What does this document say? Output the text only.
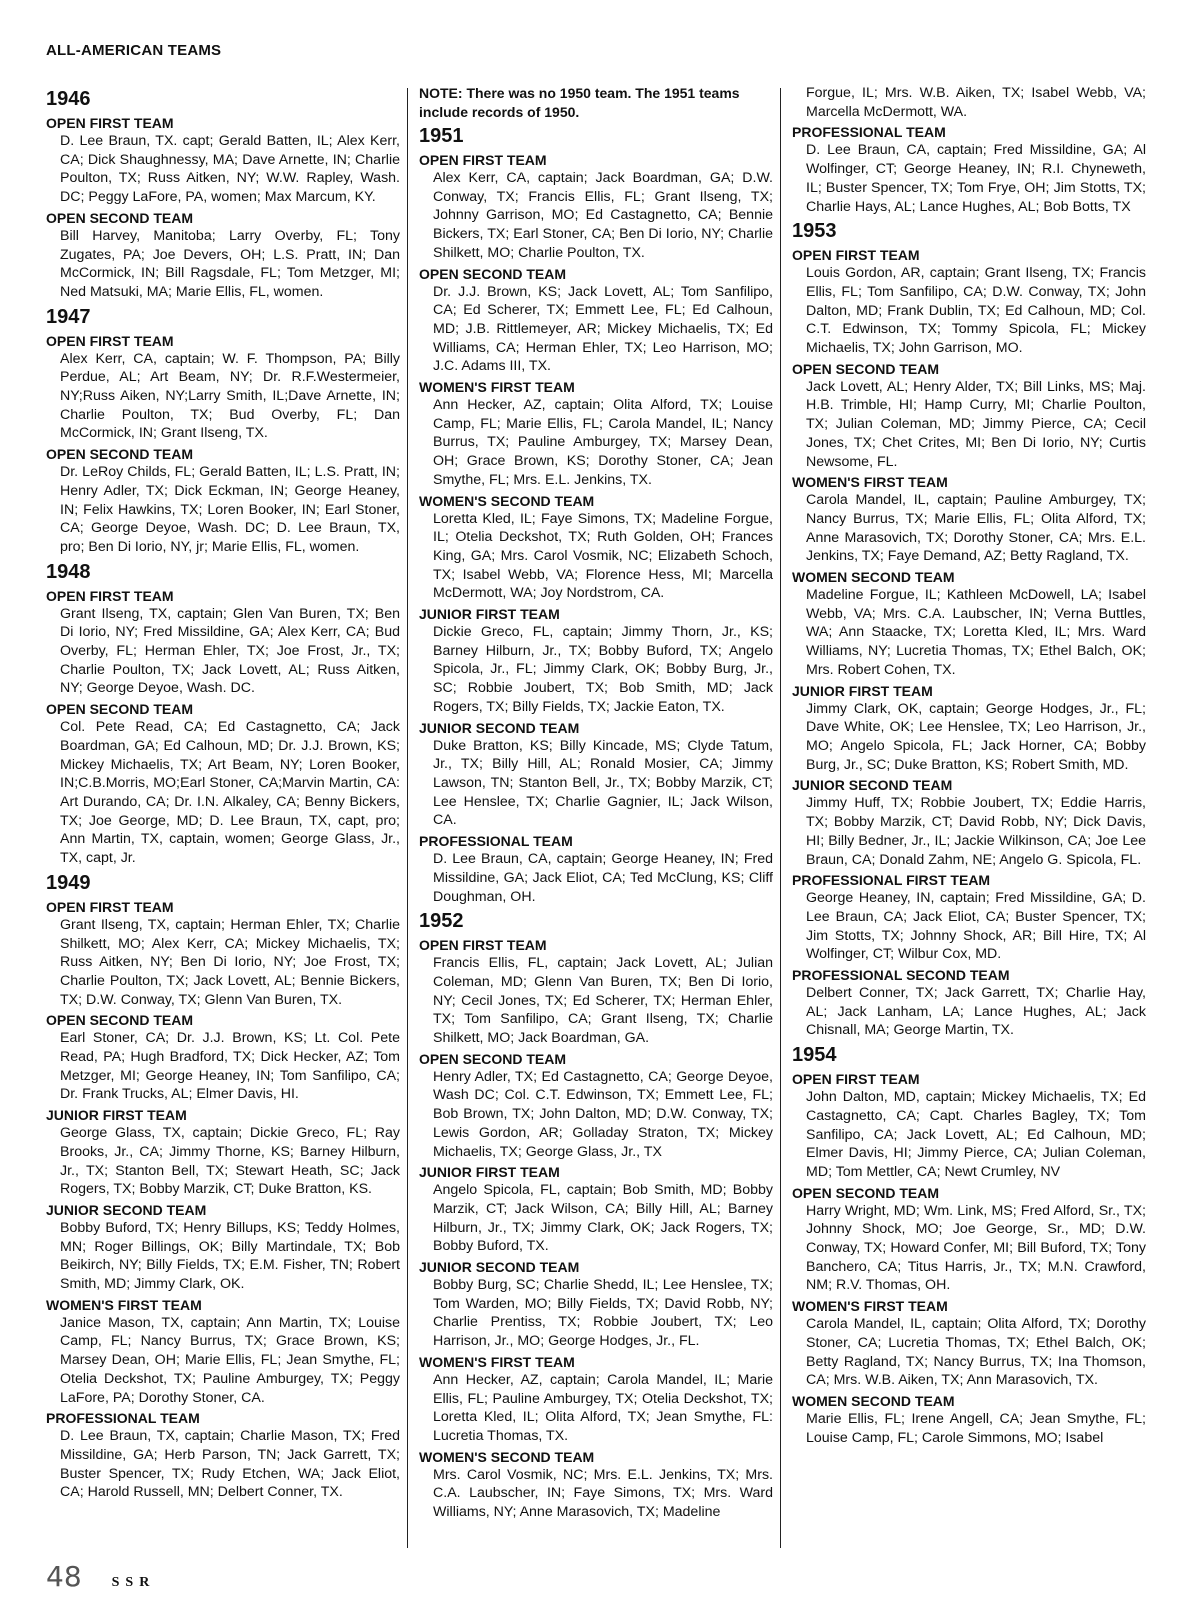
ALL-AMERICAN TEAMS
1946
OPEN FIRST TEAM
D. Lee Braun, TX. capt; Gerald Batten, IL; Alex Kerr, CA; Dick Shaughnessy, MA; Dave Arnette, IN; Charlie Poulton, TX; Russ Aitken, NY; W.W. Rapley, Wash. DC; Peggy LaFore, PA, women; Max Marcum, KY.
OPEN SECOND TEAM
Bill Harvey, Manitoba; Larry Overby, FL; Tony Zugates, PA; Joe Devers, OH; L.S. Pratt, IN; Dan McCormick, IN; Bill Ragsdale, FL; Tom Metzger, MI; Ned Matsuki, MA; Marie Ellis, FL, women.
1947
OPEN FIRST TEAM
Alex Kerr, CA, captain; W. F. Thompson, PA; Billy Perdue, AL; Art Beam, NY; Dr. R.F.Westermeier, NY;Russ Aiken, NY;Larry Smith, IL;Dave Arnette, IN; Charlie Poulton, TX; Bud Overby, FL; Dan McCormick, IN; Grant Ilseng, TX.
OPEN SECOND TEAM
Dr. LeRoy Childs, FL; Gerald Batten, IL; L.S. Pratt, IN; Henry Adler, TX; Dick Eckman, IN; George Heaney, IN; Felix Hawkins, TX; Loren Booker, IN; Earl Stoner, CA; George Deyoe, Wash. DC; D. Lee Braun, TX, pro; Ben Di Iorio, NY, jr; Marie Ellis, FL, women.
1948
OPEN FIRST TEAM
Grant Ilseng, TX, captain; Glen Van Buren, TX; Ben Di Iorio, NY; Fred Missildine, GA; Alex Kerr, CA; Bud Overby, FL; Herman Ehler, TX; Joe Frost, Jr., TX; Charlie Poulton, TX; Jack Lovett, AL; Russ Aitken, NY; George Deyoe, Wash. DC.
OPEN SECOND TEAM
Col. Pete Read, CA; Ed Castagnetto, CA; Jack Boardman, GA; Ed Calhoun, MD; Dr. J.J. Brown, KS; Mickey Michaelis, TX; Art Beam, NY; Loren Booker, IN;C.B.Morris, MO;Earl Stoner, CA;Marvin Martin, CA: Art Durando, CA; Dr. I.N. Alkaley, CA; Benny Bickers, TX; Joe George, MD; D. Lee Braun, TX, capt, pro; Ann Martin, TX, captain, women; George Glass, Jr., TX, capt, Jr.
1949
OPEN FIRST TEAM
Grant Ilseng, TX, captain; Herman Ehler, TX; Charlie Shilkett, MO; Alex Kerr, CA; Mickey Michaelis, TX; Russ Aitken, NY; Ben Di Iorio, NY; Joe Frost, TX; Charlie Poulton, TX; Jack Lovett, AL; Bennie Bickers, TX; D.W. Conway, TX; Glenn Van Buren, TX.
OPEN SECOND TEAM
Earl Stoner, CA; Dr. J.J. Brown, KS; Lt. Col. Pete Read, PA; Hugh Bradford, TX; Dick Hecker, AZ; Tom Metzger, MI; George Heaney, IN; Tom Sanfilipo, CA; Dr. Frank Trucks, AL; Elmer Davis, HI.
JUNIOR FIRST TEAM
George Glass, TX, captain; Dickie Greco, FL; Ray Brooks, Jr., CA; Jimmy Thorne, KS; Barney Hilburn, Jr., TX; Stanton Bell, TX; Stewart Heath, SC; Jack Rogers, TX; Bobby Marzik, CT; Duke Bratton, KS.
JUNIOR SECOND TEAM
Bobby Buford, TX; Henry Billups, KS; Teddy Holmes, MN; Roger Billings, OK; Billy Martindale, TX; Bob Beikirch, NY; Billy Fields, TX; E.M. Fisher, TN; Robert Smith, MD; Jimmy Clark, OK.
WOMEN'S FIRST TEAM
Janice Mason, TX, captain; Ann Martin, TX; Louise Camp, FL; Nancy Burrus, TX; Grace Brown, KS; Marsey Dean, OH; Marie Ellis, FL; Jean Smythe, FL; Otelia Deckshot, TX; Pauline Amburgey, TX; Peggy LaFore, PA; Dorothy Stoner, CA.
PROFESSIONAL TEAM
D. Lee Braun, TX, captain; Charlie Mason, TX; Fred Missildine, GA; Herb Parson, TN; Jack Garrett, TX; Buster Spencer, TX; Rudy Etchen, WA; Jack Eliot, CA; Harold Russell, MN; Delbert Conner, TX.
NOTE: There was no 1950 team. The 1951 teams include records of 1950.
1951
OPEN FIRST TEAM
Alex Kerr, CA, captain; Jack Boardman, GA; D.W. Conway, TX; Francis Ellis, FL; Grant Ilseng, TX; Johnny Garrison, MO; Ed Castagnetto, CA; Bennie Bickers, TX; Earl Stoner, CA; Ben Di Iorio, NY; Charlie Shilkett, MO; Charlie Poulton, TX.
OPEN SECOND TEAM
Dr. J.J. Brown, KS; Jack Lovett, AL; Tom Sanfilipo, CA; Ed Scherer, TX; Emmett Lee, FL; Ed Calhoun, MD; J.B. Rittlemeyer, AR; Mickey Michaelis, TX; Ed Williams, CA; Herman Ehler, TX; Leo Harrison, MO; J.C. Adams III, TX.
WOMEN'S FIRST TEAM
Ann Hecker, AZ, captain; Olita Alford, TX; Louise Camp, FL; Marie Ellis, FL; Carola Mandel, IL; Nancy Burrus, TX; Pauline Amburgey, TX; Marsey Dean, OH; Grace Brown, KS; Dorothy Stoner, CA; Jean Smythe, FL; Mrs. E.L. Jenkins, TX.
WOMEN'S SECOND TEAM
Loretta Kled, IL; Faye Simons, TX; Madeline Forgue, IL; Otelia Deckshot, TX; Ruth Golden, OH; Frances King, GA; Mrs. Carol Vosmik, NC; Elizabeth Schoch, TX; Isabel Webb, VA; Florence Hess, MI; Marcella McDermott, WA; Joy Nordstrom, CA.
JUNIOR FIRST TEAM
Dickie Greco, FL, captain; Jimmy Thorn, Jr., KS; Barney Hilburn, Jr., TX; Bobby Buford, TX; Angelo Spicola, Jr., FL; Jimmy Clark, OK; Bobby Burg, Jr., SC; Robbie Joubert, TX; Bob Smith, MD; Jack Rogers, TX; Billy Fields, TX; Jackie Eaton, TX.
JUNIOR SECOND TEAM
Duke Bratton, KS; Billy Kincade, MS; Clyde Tatum, Jr., TX; Billy Hill, AL; Ronald Mosier, CA; Jimmy Lawson, TN; Stanton Bell, Jr., TX; Bobby Marzik, CT; Lee Henslee, TX; Charlie Gagnier, IL; Jack Wilson, CA.
PROFESSIONAL TEAM
D. Lee Braun, CA, captain; George Heaney, IN; Fred Missildine, GA; Jack Eliot, CA; Ted McClung, KS; Cliff Doughman, OH.
1952
OPEN FIRST TEAM
Francis Ellis, FL, captain; Jack Lovett, AL; Julian Coleman, MD; Glenn Van Buren, TX; Ben Di Iorio, NY; Cecil Jones, TX; Ed Scherer, TX; Herman Ehler, TX; Tom Sanfilipo, CA; Grant Ilseng, TX; Charlie Shilkett, MO; Jack Boardman, GA.
OPEN SECOND TEAM
Henry Adler, TX; Ed Castagnetto, CA; George Deyoe, Wash DC; Col. C.T. Edwinson, TX; Emmett Lee, FL; Bob Brown, TX; John Dalton, MD; D.W. Conway, TX; Lewis Gordon, AR; Golladay Straton, TX; Mickey Michaelis, TX; George Glass, Jr., TX
JUNIOR FIRST TEAM
Angelo Spicola, FL, captain; Bob Smith, MD; Bobby Marzik, CT; Jack Wilson, CA; Billy Hill, AL; Barney Hilburn, Jr., TX; Jimmy Clark, OK; Jack Rogers, TX; Bobby Buford, TX.
JUNIOR SECOND TEAM
Bobby Burg, SC; Charlie Shedd, IL; Lee Henslee, TX; Tom Warden, MO; Billy Fields, TX; David Robb, NY; Charlie Prentiss, TX; Robbie Joubert, TX; Leo Harrison, Jr., MO; George Hodges, Jr., FL.
WOMEN'S FIRST TEAM
Ann Hecker, AZ, captain; Carola Mandel, IL; Marie Ellis, FL; Pauline Amburgey, TX; Otelia Deckshot, TX; Loretta Kled, IL; Olita Alford, TX; Jean Smythe, FL: Lucretia Thomas, TX.
WOMEN'S SECOND TEAM
Mrs. Carol Vosmik, NC; Mrs. E.L. Jenkins, TX; Mrs. C.A. Laubscher, IN; Faye Simons, TX; Mrs. Ward Williams, NY; Anne Marasovich, TX; Madeline
Forgue, IL; Mrs. W.B. Aiken, TX; Isabel Webb, VA; Marcella McDermott, WA.
PROFESSIONAL TEAM
D. Lee Braun, CA, captain; Fred Missildine, GA; Al Wolfinger, CT; George Heaney, IN; R.I. Chyneweth, IL; Buster Spencer, TX; Tom Frye, OH; Jim Stotts, TX; Charlie Hays, AL; Lance Hughes, AL; Bob Botts, TX
1953
OPEN FIRST TEAM
Louis Gordon, AR, captain; Grant Ilseng, TX; Francis Ellis, FL; Tom Sanfilipo, CA; D.W. Conway, TX; John Dalton, MD; Frank Dublin, TX; Ed Calhoun, MD; Col. C.T. Edwinson, TX; Tommy Spicola, FL; Mickey Michaelis, TX; John Garrison, MO.
OPEN SECOND TEAM
Jack Lovett, AL; Henry Alder, TX; Bill Links, MS; Maj. H.B. Trimble, HI; Hamp Curry, MI; Charlie Poulton, TX; Julian Coleman, MD; Jimmy Pierce, CA; Cecil Jones, TX; Chet Crites, MI; Ben Di Iorio, NY; Curtis Newsome, FL.
WOMEN'S FIRST TEAM
Carola Mandel, IL, captain; Pauline Amburgey, TX; Nancy Burrus, TX; Marie Ellis, FL; Olita Alford, TX; Anne Marasovich, TX; Dorothy Stoner, CA; Mrs. E.L. Jenkins, TX; Faye Demand, AZ; Betty Ragland, TX.
WOMEN SECOND TEAM
Madeline Forgue, IL; Kathleen McDowell, LA; Isabel Webb, VA; Mrs. C.A. Laubscher, IN; Verna Buttles, WA; Ann Staacke, TX; Loretta Kled, IL; Mrs. Ward Williams, NY; Lucretia Thomas, TX; Ethel Balch, OK; Mrs. Robert Cohen, TX.
JUNIOR FIRST TEAM
Jimmy Clark, OK, captain; George Hodges, Jr., FL; Dave White, OK; Lee Henslee, TX; Leo Harrison, Jr., MO; Angelo Spicola, FL; Jack Horner, CA; Bobby Burg, Jr., SC; Duke Bratton, KS; Robert Smith, MD.
JUNIOR SECOND TEAM
Jimmy Huff, TX; Robbie Joubert, TX; Eddie Harris, TX; Bobby Marzik, CT; David Robb, NY; Dick Davis, HI; Billy Bedner, Jr., IL; Jackie Wilkinson, CA; Joe Lee Braun, CA; Donald Zahm, NE; Angelo G. Spicola, FL.
PROFESSIONAL FIRST TEAM
George Heaney, IN, captain; Fred Missildine, GA; D. Lee Braun, CA; Jack Eliot, CA; Buster Spencer, TX; Jim Stotts, TX; Johnny Shock, AR; Bill Hire, TX; Al Wolfinger, CT; Wilbur Cox, MD.
PROFESSIONAL SECOND TEAM
Delbert Conner, TX; Jack Garrett, TX; Charlie Hay, AL; Jack Lanham, LA; Lance Hughes, AL; Jack Chisnall, MA; George Martin, TX.
1954
OPEN FIRST TEAM
John Dalton, MD, captain; Mickey Michaelis, TX; Ed Castagnetto, CA; Capt. Charles Bagley, TX; Tom Sanfilipo, CA; Jack Lovett, AL; Ed Calhoun, MD; Elmer Davis, HI; Jimmy Pierce, CA; Julian Coleman, MD; Tom Mettler, CA; Newt Crumley, NV
OPEN SECOND TEAM
Harry Wright, MD; Wm. Link, MS; Fred Alford, Sr., TX; Johnny Shock, MO; Joe George, Sr., MD; D.W. Conway, TX; Howard Confer, MI; Bill Buford, TX; Tony Banchero, CA; Titus Harris, Jr., TX; M.N. Crawford, NM; R.V. Thomas, OH.
WOMEN'S FIRST TEAM
Carola Mandel, IL, captain; Olita Alford, TX; Dorothy Stoner, CA; Lucretia Thomas, TX; Ethel Balch, OK; Betty Ragland, TX; Nancy Burrus, TX; Ina Thomson, CA; Mrs. W.B. Aiken, TX; Ann Marasovich, TX.
WOMEN SECOND TEAM
Marie Ellis, FL; Irene Angell, CA; Jean Smythe, FL; Louise Camp, FL; Carole Simmons, MO; Isabel
48 SSR
